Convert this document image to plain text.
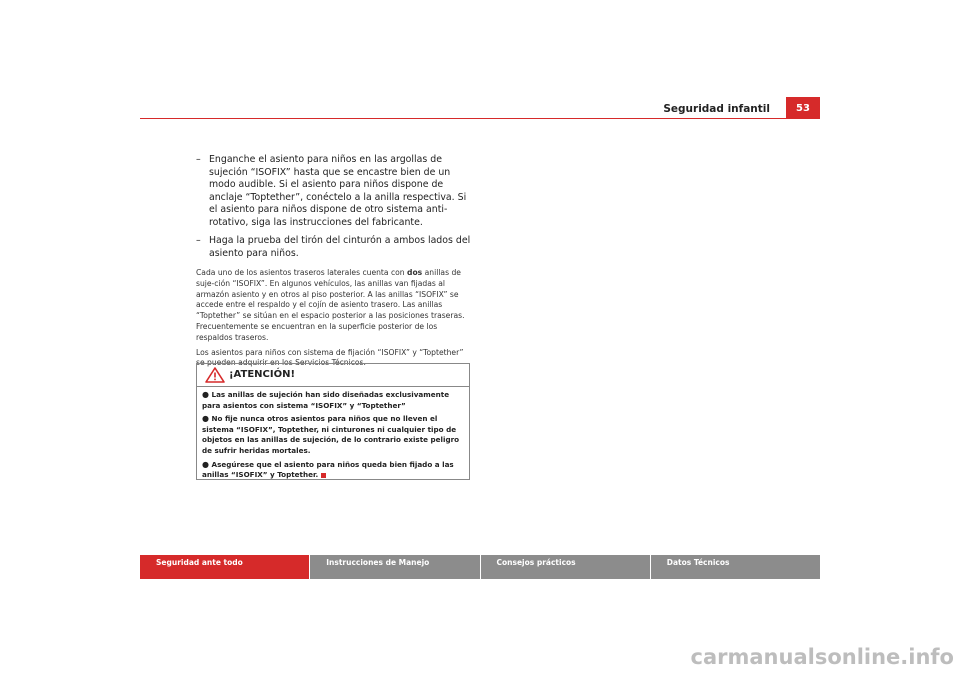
Seguridad infantil	53
– Enganche el asiento para niños en las argollas de sujeción “ISOFIX” hasta que se encastre bien de un modo audible. Si el asiento para niños dispone de anclaje “Toptether”, conéctelo a la anilla respectiva. Si el asiento para niños dispone de otro sistema anti-rotativo, siga las instrucciones del fabricante.
– Haga la prueba del tirón del cinturón a ambos lados del asiento para niños.
Cada uno de los asientos traseros laterales cuenta con dos anillas de suje-ción “ISOFIX”. En algunos vehículos, las anillas van fijadas al armazón asiento y en otros al piso posterior. A las anillas “ISOFIX” se accede entre el respaldo y el cojín de asiento trasero. Las anillas “Toptether” se sitúan en el espacio posterior a las posiciones traseras. Frecuentemente se encuentran en la superficie posterior de los respaldos traseros.
Los asientos para niños con sistema de fijación “ISOFIX” y “Toptether” se pueden adquirir en los Servicios Técnicos.
¡ATENCIÓN!
● Las anillas de sujeción han sido diseñadas exclusivamente para asientos con sistema “ISOFIX” y “Toptether”
● No fije nunca otros asientos para niños que no lleven el sistema “ISOFIX”, Toptether, ni cinturones ni cualquier tipo de objetos en las anillas de sujeción, de lo contrario existe peligro de sufrir heridas mortales.
● Asegúrese que el asiento para niños queda bien fijado a las anillas “ISOFIX” y Toptether.
Seguridad ante todo	Instrucciones de Manejo	Consejos prácticos	Datos Técnicos
carmanualsonline.info
